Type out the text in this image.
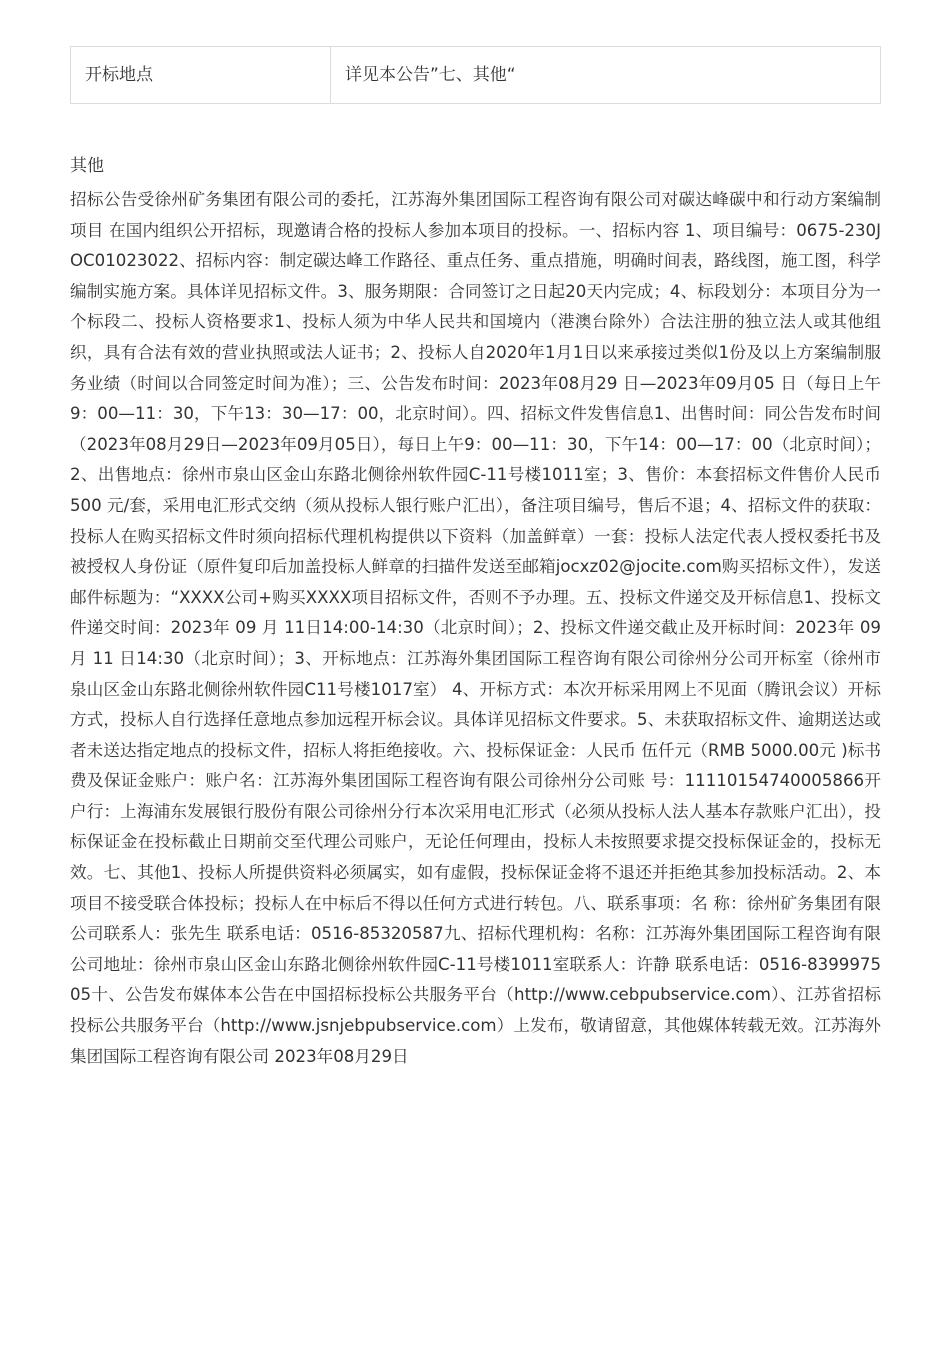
开标地点	详见本公告”七、其他“
其他

招标公告受徐州矿务集团有限公司的委托，江苏海外集团国际工程咨询有限公司对碳达峰碳中和行动方案编制项目 在国内组织公开招标，现邀请合格的投标人参加本项目的投标。一、招标内容 1、项目编号：0675-230JOC01023022、招标内容：制定碳达峰工作路径、重点任务、重点措施，明确时间表，路线图，施工图，科学编制实施方案。具体详见招标文件。3、服务期限：合同签订之日起20天内完成；4、标段划分：本项目分为一个标段二、投标人资格要求1、投标人须为中华人民共和国境内（港澳台除外）合法注册的独立法人或其他组织，具有合法有效的营业执照或法人证书；2、投标人自2020年1月1日以来承接过类似1份及以上方案编制服务业绩（时间以合同签定时间为准）；三、公告发布时间：2023年08月29 日—2023年09月05 日（每日上午9：00—11：30，下午13：30—17：00，北京时间）。四、招标文件发售信息1、出售时间：同公告发布时间（2023年08月29日—2023年09月05日），每日上午9：00—11：30，下午14：00—17：00（北京时间）；2、出售地点：徐州市泉山区金山东路北侧徐州软件园C-11号楼1011室；3、售价：本套招标文件售价人民币 500 元/套，采用电汇形式交纳（须从投标人银行账户汇出），备注项目编号，售后不退；4、招标文件的获取：投标人在购买招标文件时须向招标代理机构提供以下资料（加盖鲜章）一套：投标人法定代表人授权委托书及被授权人身份证（原件复印后加盖投标人鲜章的扫描件发送至邮箱jocxz02@jocite.com购买招标文件），发送邮件标题为：“XXXX公司+购买XXXX项目招标文件，否则不予办理。五、投标文件递交及开标信息1、投标文件递交时间：2023年 09 月 11日14:00-14:30（北京时间）；2、投标文件递交截止及开标时间：2023年 09 月 11 日14:30（北京时间）；3、开标地点：江苏海外集团国际工程咨询有限公司徐州分公司开标室（徐州市泉山区金山东路北侧徐州软件园C11号楼1017室） 4、开标方式：本次开标采用网上不见面（腾讯会议）开标方式，投标人自行选择任意地点参加远程开标会议。具体详见招标文件要求。5、未获取招标文件、逾期送达或者未送达指定地点的投标文件，招标人将拒绝接收。六、投标保证金：人民币 伍仟元（RMB 5000.00元 )标书费及保证金账户：账户名：江苏海外集团国际工程咨询有限公司徐州分公司账 号：11110154740005866开户行：上海浦东发展银行股份有限公司徐州分行本次采用电汇形式（必须从投标人法人基本存款账户汇出），投标保证金在投标截止日期前交至代理公司账户，无论任何理由，投标人未按照要求提交投标保证金的，投标无效。七、其他1、投标人所提供资料必须属实，如有虚假，投标保证金将不退还并拒绝其参加投标活动。2、本项目不接受联合体投标；投标人在中标后不得以任何方式进行转包。八、联系事项：名 称：徐州矿务集团有限公司联系人：张先生 联系电话：0516-85320587九、招标代理机构：名称：江苏海外集团国际工程咨询有限公司地址：徐州市泉山区金山东路北侧徐州软件园C-11号楼1011室联系人：许静 联系电话：0516-839997505十、公告发布媒体本公告在中国招标投标公共服务平台（http://www.cebpubservice.com）、江苏省招标投标公共服务平台（http://www.jsnjebpubservice.com）上发布，敬请留意，其他媒体转载无效。江苏海外集团国际工程咨询有限公司 2023年08月29日
